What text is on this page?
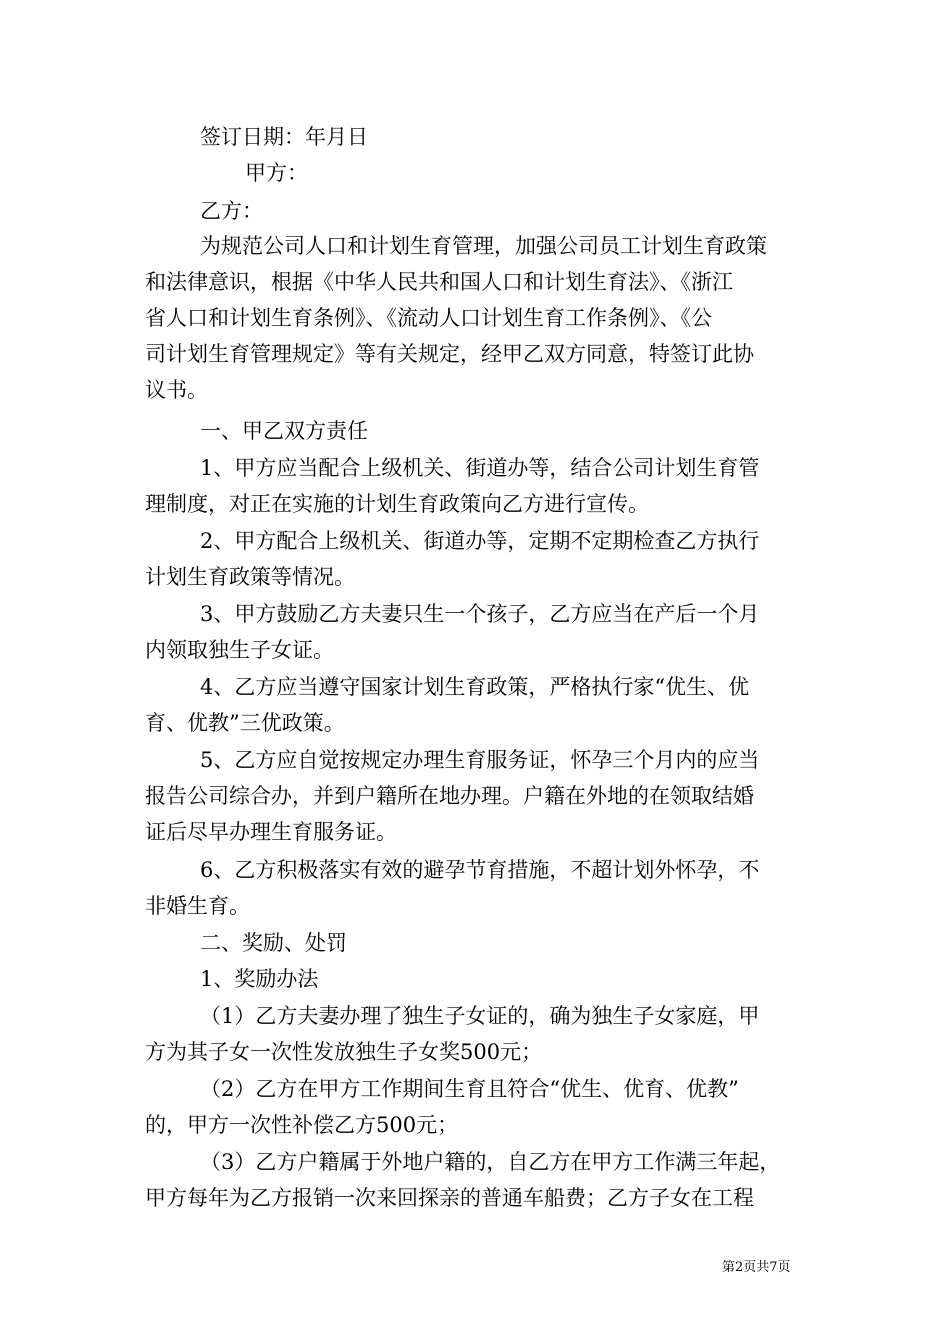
签订日期：年月日
甲方：
乙方：
为规范公司人口和计划生育管理，加强公司员工计划生育政策
和法律意识，根据《中华人民共和国人口和计划生育法》、《浙江
省人口和计划生育条例》、《流动人口计划生育工作条例》、《公
司计划生育管理规定》等有关规定，经甲乙双方同意，特签订此协
议书。
一、甲乙双方责任
1、甲方应当配合上级机关、街道办等，结合公司计划生育管
理制度，对正在实施的计划生育政策向乙方进行宣传。
2、甲方配合上级机关、街道办等，定期不定期检查乙方执行
计划生育政策等情况。
3、甲方鼓励乙方夫妻只生一个孩子，乙方应当在产后一个月
内领取独生子女证。
4、乙方应当遵守国家计划生育政策，严格执行家“优生、优
育、优教”三优政策。
5、乙方应自觉按规定办理生育服务证，怀孕三个月内的应当
报告公司综合办，并到户籍所在地办理。户籍在外地的在领取结婚
证后尽早办理生育服务证。
6、乙方积极落实有效的避孕节育措施，不超计划外怀孕，不
非婚生育。
二、奖励、处罚
1、奖励办法
（1）乙方夫妻办理了独生子女证的，确为独生子女家庭，甲
方为其子女一次性发放独生子女奖500元；
（2）乙方在甲方工作期间生育且符合“优生、优育、优教”
的，甲方一次性补偿乙方500元；
（3）乙方户籍属于外地户籍的，自乙方在甲方工作满三年起，
甲方每年为乙方报销一次来回探亲的普通车船费；乙方子女在工程
第2页共7页
